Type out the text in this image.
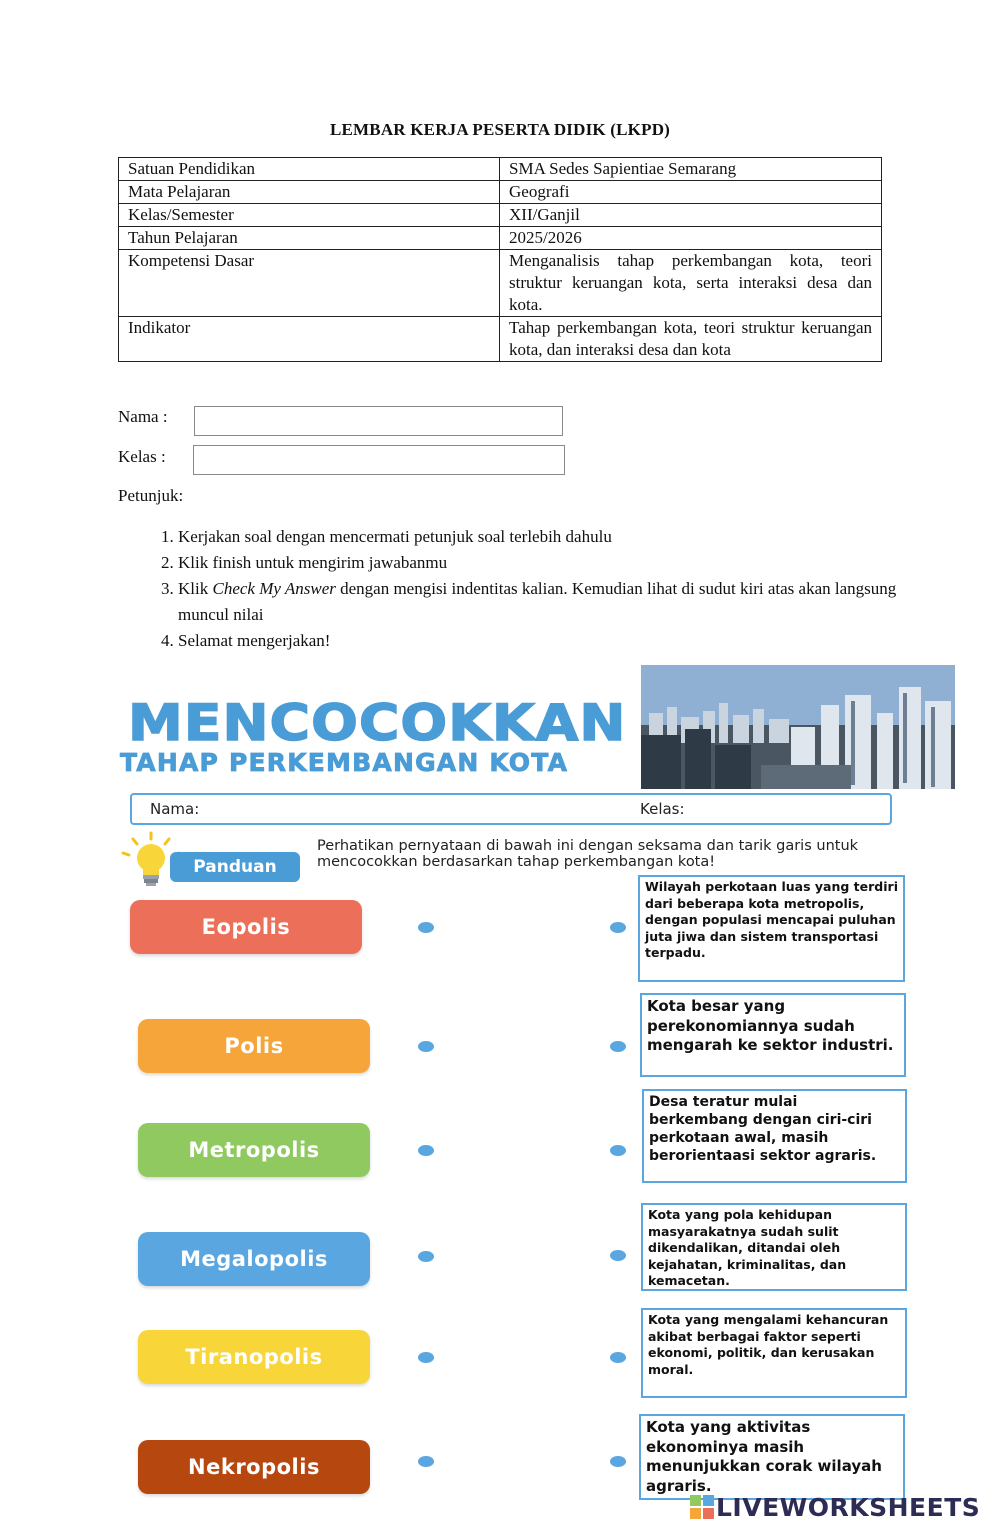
LEMBAR KERJA PESERTA DIDIK (LKPD)
Satuan Pendidikan	SMA Sedes Sapientiae Semarang
Mata Pelajaran	Geografi
Kelas/Semester	XII/Ganjil
Tahun Pelajaran	2025/2026
Kompetensi Dasar	Menganalisis tahap perkembangan kota, teori struktur keruangan kota, serta interaksi desa dan kota.
Indikator	Tahap perkembangan kota, teori struktur keruangan kota, dan interaksi desa dan kota
Nama :
Kelas :
Petunjuk:
1. Kerjakan soal dengan mencermati petunjuk soal terlebih dahulu
2. Klik finish untuk mengirim jawabanmu
3. Klik Check My Answer dengan mengisi indentitas kalian. Kemudian lihat di sudut kiri atas akan langsung muncul nilai
4. Selamat mengerjakan!
MENCOCOKKAN
TAHAP PERKEMBANGAN KOTA
Nama:	Kelas:
Panduan
Perhatikan pernyataan di bawah ini dengan seksama dan tarik garis untuk mencocokkan berdasarkan tahap perkembangan kota!
Eopolis
Polis
Metropolis
Megalopolis
Tiranopolis
Nekropolis
Wilayah perkotaan luas yang terdiri dari beberapa kota metropolis, dengan populasi mencapai puluhan juta jiwa dan sistem transportasi terpadu.
Kota besar yang perekonomiannya sudah mengarah ke sektor industri.
Desa teratur mulai berkembang dengan ciri-ciri perkotaan awal, masih berorientaasi sektor agraris.
Kota yang pola kehidupan masyarakatnya sudah sulit dikendalikan, ditandai oleh kejahatan, kriminalitas, dan kemacetan.
Kota yang mengalami kehancuran akibat berbagai faktor seperti ekonomi, politik, dan kerusakan moral.
Kota yang aktivitas ekonominya masih menunjukkan corak wilayah agraris.
LIVEWORKSHEETS
